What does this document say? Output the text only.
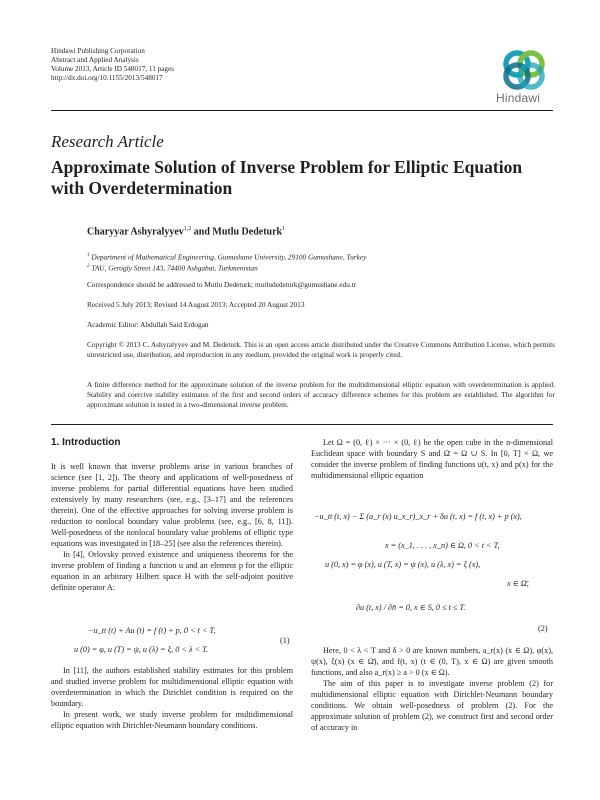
Hindawi Publishing Corporation
Abstract and Applied Analysis
Volume 2013, Article ID 548017, 11 pages
http://dx.doi.org/10.1155/2013/548017
Hindawi
Research Article
Approximate Solution of Inverse Problem for Elliptic Equation with Overdetermination
Charyyar Ashyralyyev$^{1,2}$ and Mutlu Dedeturk$^1$
$^1$ Department of Mathematical Engineering, Gumushane University, 29100 Gumushane, Turkey
$^2$ TAU, Gerogly Street 143, 74400 Ashgabat, Turkmenistan
Correspondence should be addressed to Mutlu Dedeturk; mutludedeturk@gumushane.edu.tr
Received 5 July 2013; Revised 14 August 2013; Accepted 20 August 2013
Academic Editor: Abdullah Said Erdogan
Copyright © 2013 C. Ashyralyyev and M. Dedeturk. This is an open access article distributed under the Creative Commons Attribution License, which permits unrestricted use, distribution, and reproduction in any medium, provided the original work is properly cited.
A finite difference method for the approximate solution of the inverse problem for the multidimensional elliptic equation with overdetermination is applied. Stability and coercive stability estimates of the first and second orders of accuracy difference schemes for this problem are established. The algorithm for approximate solution is tested in a two-dimensional inverse problem.
1. Introduction

It is well known that inverse problems arise in various branches of science (see [1, 2]). The theory and applications of well-posedness of inverse problems for partial differential equations have been studied extensively by many researchers (see, e.g., [3–17] and the references therein). One of the effective approaches for solving inverse problem is reduction to nonlocal boundary value problems (see, e.g., [6, 8, 11]). Well-posedness of the nonlocal boundary value problems of elliptic type equations was investigated in [18–25] (see also the references therein).

In [4], Orlovsky proved existence and uniqueness theorems for the inverse problem of finding a function u and an element p for the elliptic equation in an arbitrary Hilbert space H with the self-adjoint positive definite operator A:

−u_tt (t) + Au (t) = f (t) + p, 0 < t < T,
u (0) = φ, u (T) = ψ, u (λ) = ξ, 0 < λ < T.
(1)

In [11], the authors established stability estimates for this problem and studied inverse problem for multidimensional elliptic equation with overdetermination in which the Dirichlet condition is required on the boundary.

In present work, we study inverse problem for multidimensional elliptic equation with Dirichlet-Neumann boundary conditions.

Let Ω = (0, ℓ) × ··· × (0, ℓ) be the open cube in the n-dimensional Euclidean space with boundary S and Ω̄ = Ω ∪ S. In [0, T] × Ω, we consider the inverse problem of finding functions u(t, x) and p(x) for the multidimensional elliptic equation

−u_tt (t, x) − Σ (a_r (x) u_x_r)_x_r + δu (t, x) = f (t, x) + p (x),
x = (x_1, . . . , x_n) ∈ Ω, 0 < t < T,
u (0, x) = φ (x), u (T, x) = ψ (x), u (λ, x) = ξ (x),
x ∈ Ω̄,
∂u (t, x) / ∂n̄ = 0, x ∈ S, 0 ≤ t ≤ T.
(2)

Here, 0 < λ < T and δ > 0 are known numbers, a_r(x) (x ∈ Ω), φ(x), ψ(x), ξ(x) (x ∈ Ω̄), and f(t, x) (t ∈ (0, T), x ∈ Ω) are given smooth functions, and also a_r(x) ≥ a > 0 (x ∈ Ω).

The aim of this paper is to investigate inverse problem (2) for multidimensional elliptic equation with Dirichlet-Neumann boundary conditions. We obtain well-posedness of problem (2). For the approximate solution of problem (2), we construct first and second order of accuracy in
